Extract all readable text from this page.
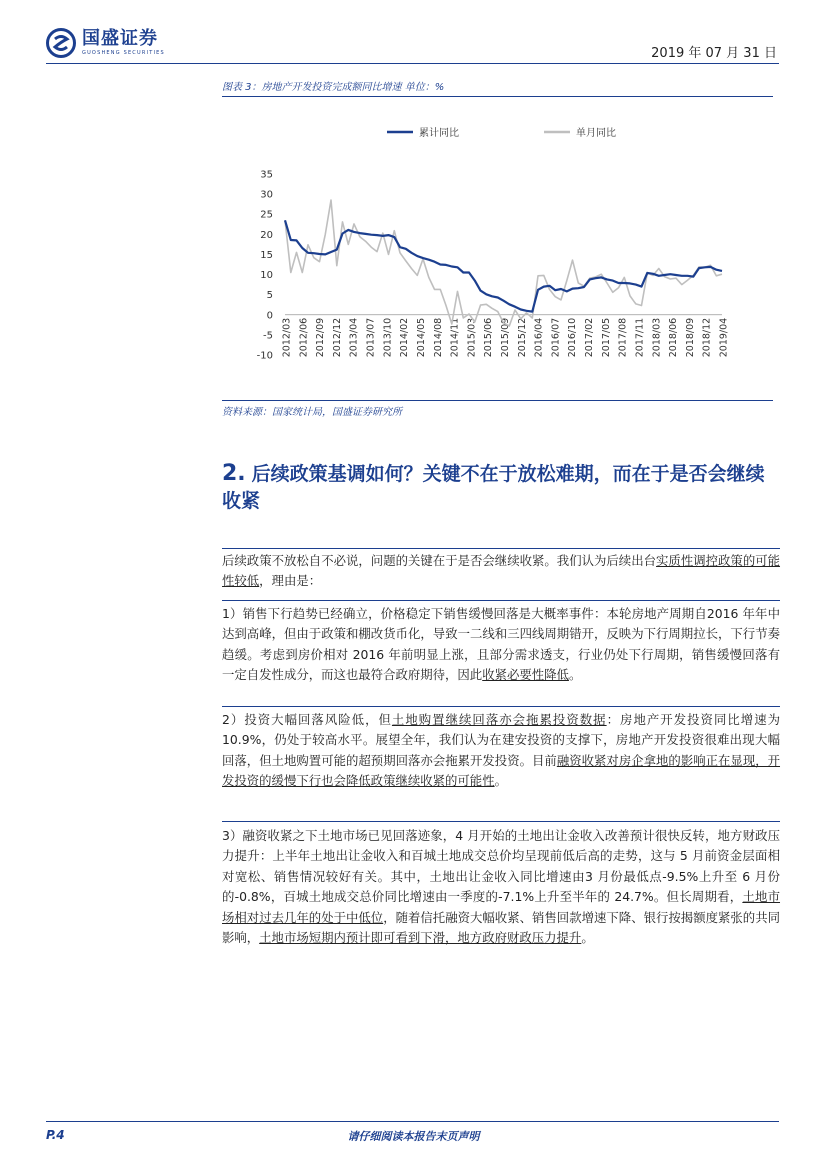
国盛证券
GUOSHENG SECURITIES	2019 年 07 月 31 日
图表 3：房地产开发投资完成额同比增速 单位：%
累计同比	单月同比
-10
-5
0
5
10
15
20
25
30
35
2012/03 2012/06 2012/09 2012/12 2013/04 2013/07 2013/10 2014/02 2014/05 2014/08 2014/11 2015/03 2015/06 2015/09 2015/12 2016/04 2016/07 2016/10 2017/02 2017/05 2017/08 2017/11 2018/03 2018/06 2018/09 2018/12 2019/04
资料来源：国家统计局，国盛证券研究所
2. 后续政策基调如何？关键不在于放松难期，而在于是否会继续收紧
后续政策不放松自不必说，问题的关键在于是否会继续收紧。我们认为后续出台实质性调控政策的可能性较低，理由是：
1）销售下行趋势已经确立，价格稳定下销售缓慢回落是大概率事件：本轮房地产周期自2016 年年中达到高峰，但由于政策和棚改货币化，导致一二线和三四线周期错开，反映为下行周期拉长，下行节奏趋缓。考虑到房价相对 2016 年前明显上涨，且部分需求透支，行业仍处下行周期，销售缓慢回落有一定自发性成分，而这也最符合政府期待，因此收紧必要性降低。
2）投资大幅回落风险低，但土地购置继续回落亦会拖累投资数据：房地产开发投资同比增速为 10.9%，仍处于较高水平。展望全年，我们认为在建安投资的支撑下，房地产开发投资很难出现大幅回落，但土地购置可能的超预期回落亦会拖累开发投资。目前融资收紧对房企拿地的影响正在显现，开发投资的缓慢下行也会降低政策继续收紧的可能性。
3）融资收紧之下土地市场已见回落迹象，4 月开始的土地出让金收入改善预计很快反转，地方财政压力提升：上半年土地出让金收入和百城土地成交总价均呈现前低后高的走势，这与 5 月前资金层面相对宽松、销售情况较好有关。其中，土地出让金收入同比增速由3 月份最低点-9.5%上升至 6 月份的-0.8%，百城土地成交总价同比增速由一季度的-7.1%上升至半年的 24.7%。但长周期看，土地市场相对过去几年的处于中低位，随着信托融资大幅收紧、销售回款增速下降、银行按揭额度紧张的共同影响，土地市场短期内预计即可看到下滑，地方政府财政压力提升。
请仔细阅读本报告末页声明
P.4
